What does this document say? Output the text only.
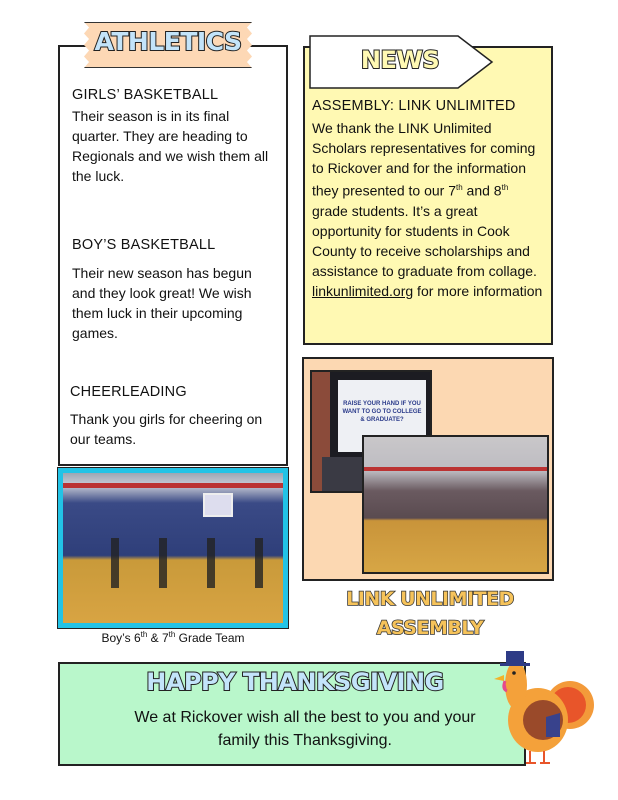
ATHLETICS
GIRLS’ BASKETBALL
Their season is in its final quarter. They are heading to Regionals and we wish them all the luck.
BOY’S BASKETBALL
Their new season has begun and they look great! We wish them luck in their upcoming games.
CHEERLEADING
Thank you girls for cheering on our teams.
Boy’s 6th & 7th Grade Team
NEWS
ASSEMBLY: LINK UNLIMITED
We thank the LINK Unlimited Scholars representatives for coming to Rickover and for the information they presented to our 7th and 8th grade students. It’s a great opportunity for students in Cook County to receive scholarships and assistance to graduate from collage. linkunlimited.org for more information
RAISE YOUR HAND IF YOU WANT TO GO TO COLLEGE & GRADUATE?
LINK UNLIMITED
ASSEMBLY
HAPPY THANKSGIVING
We at Rickover wish all the best to you and your family this Thanksgiving.
